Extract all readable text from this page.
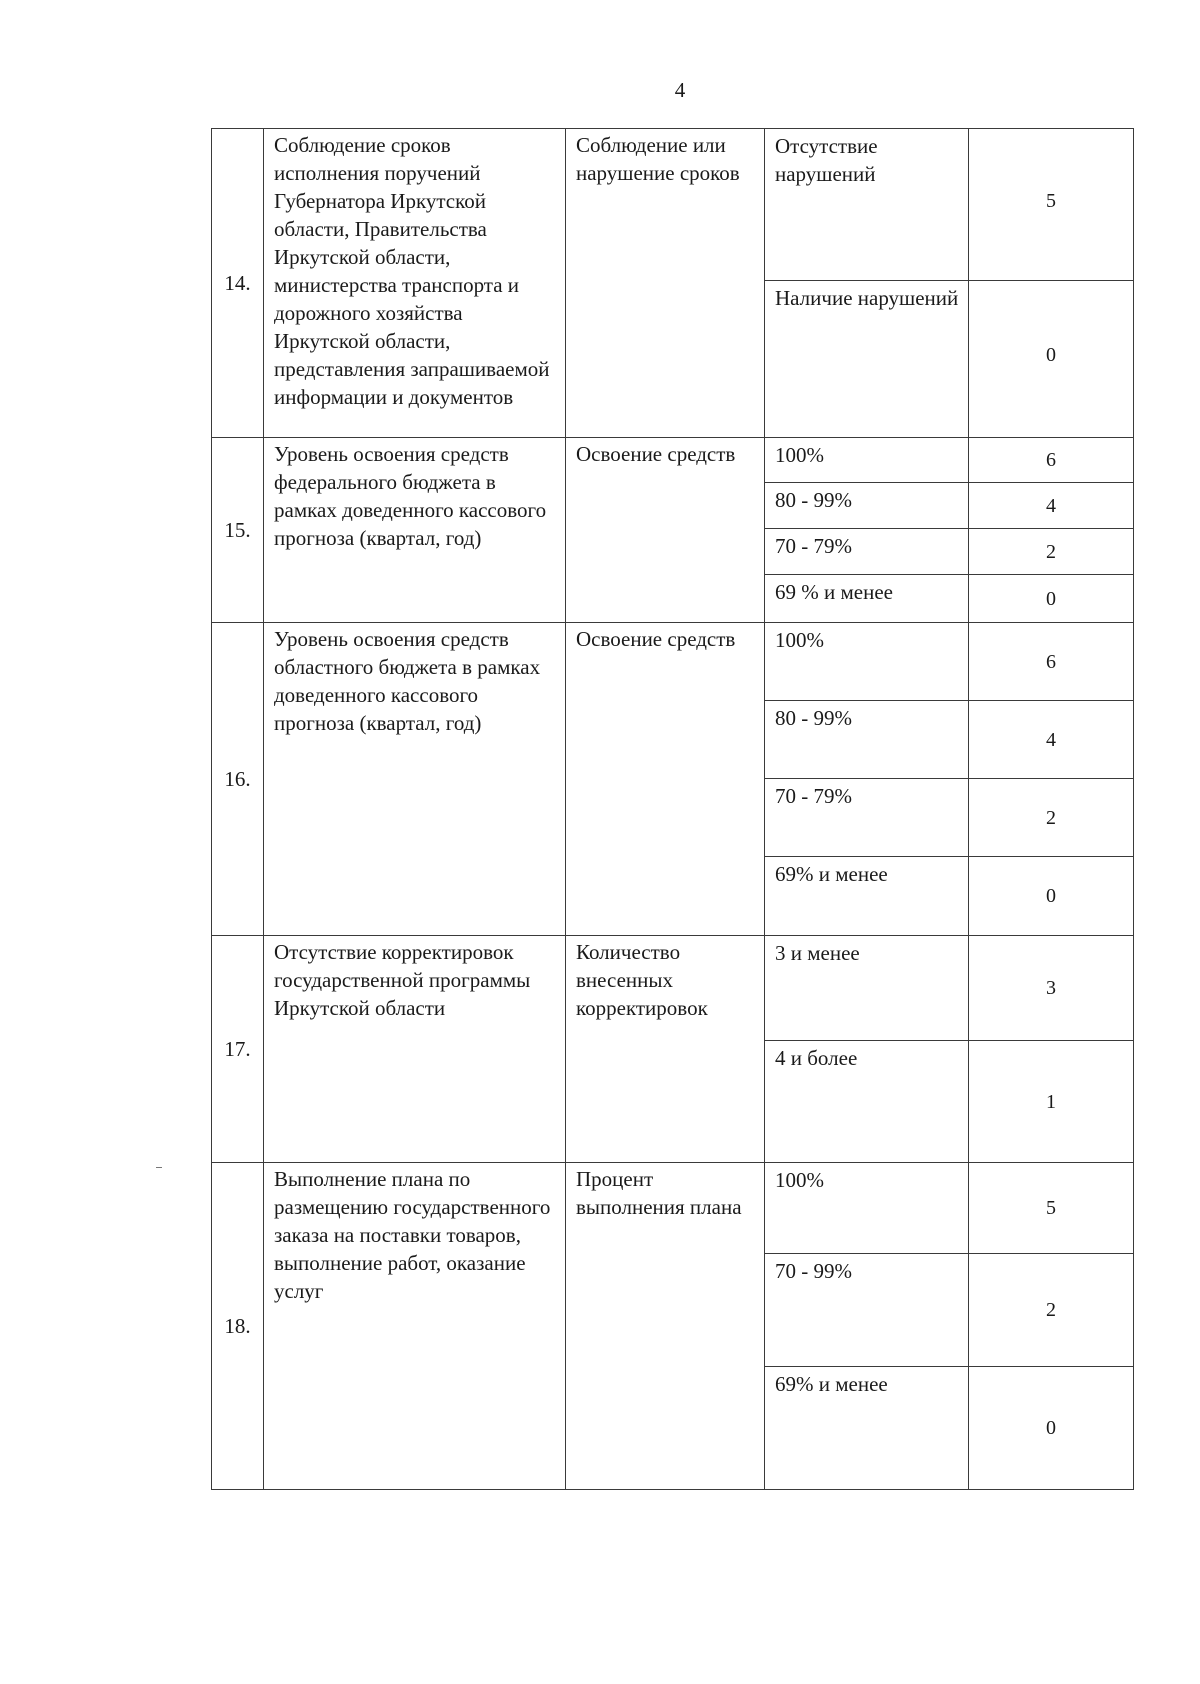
4
14.	Соблюдение сроков исполнения поручений Губернатора Иркутской области, Правительства Иркутской области, министерства транспорта и дорожного хозяйства Иркутской области, представления запрашиваемой информации и документов	Соблюдение или нарушение сроков	Отсутствие нарушений	5
			Наличие нарушений	0
15.	Уровень освоения средств федерального бюджета в рамках доведенного кассового прогноза (квартал, год)	Освоение средств	100%	6
			80 - 99%	4
			70 - 79%	2
			69 % и менее	0
16.	Уровень освоения средств областного бюджета в рамках доведенного кассового прогноза (квартал, год)	Освоение средств	100%	6
			80 - 99%	4
			70 - 79%	2
			69% и менее	0
17.	Отсутствие корректировок государственной программы Иркутской области	Количество внесенных корректировок	3 и менее	3
			4 и более	1
18.	Выполнение плана по размещению государственного заказа на поставки товаров, выполнение работ, оказание услуг	Процент выполнения плана	100%	5
			70 - 99%	2
			69% и менее	0
